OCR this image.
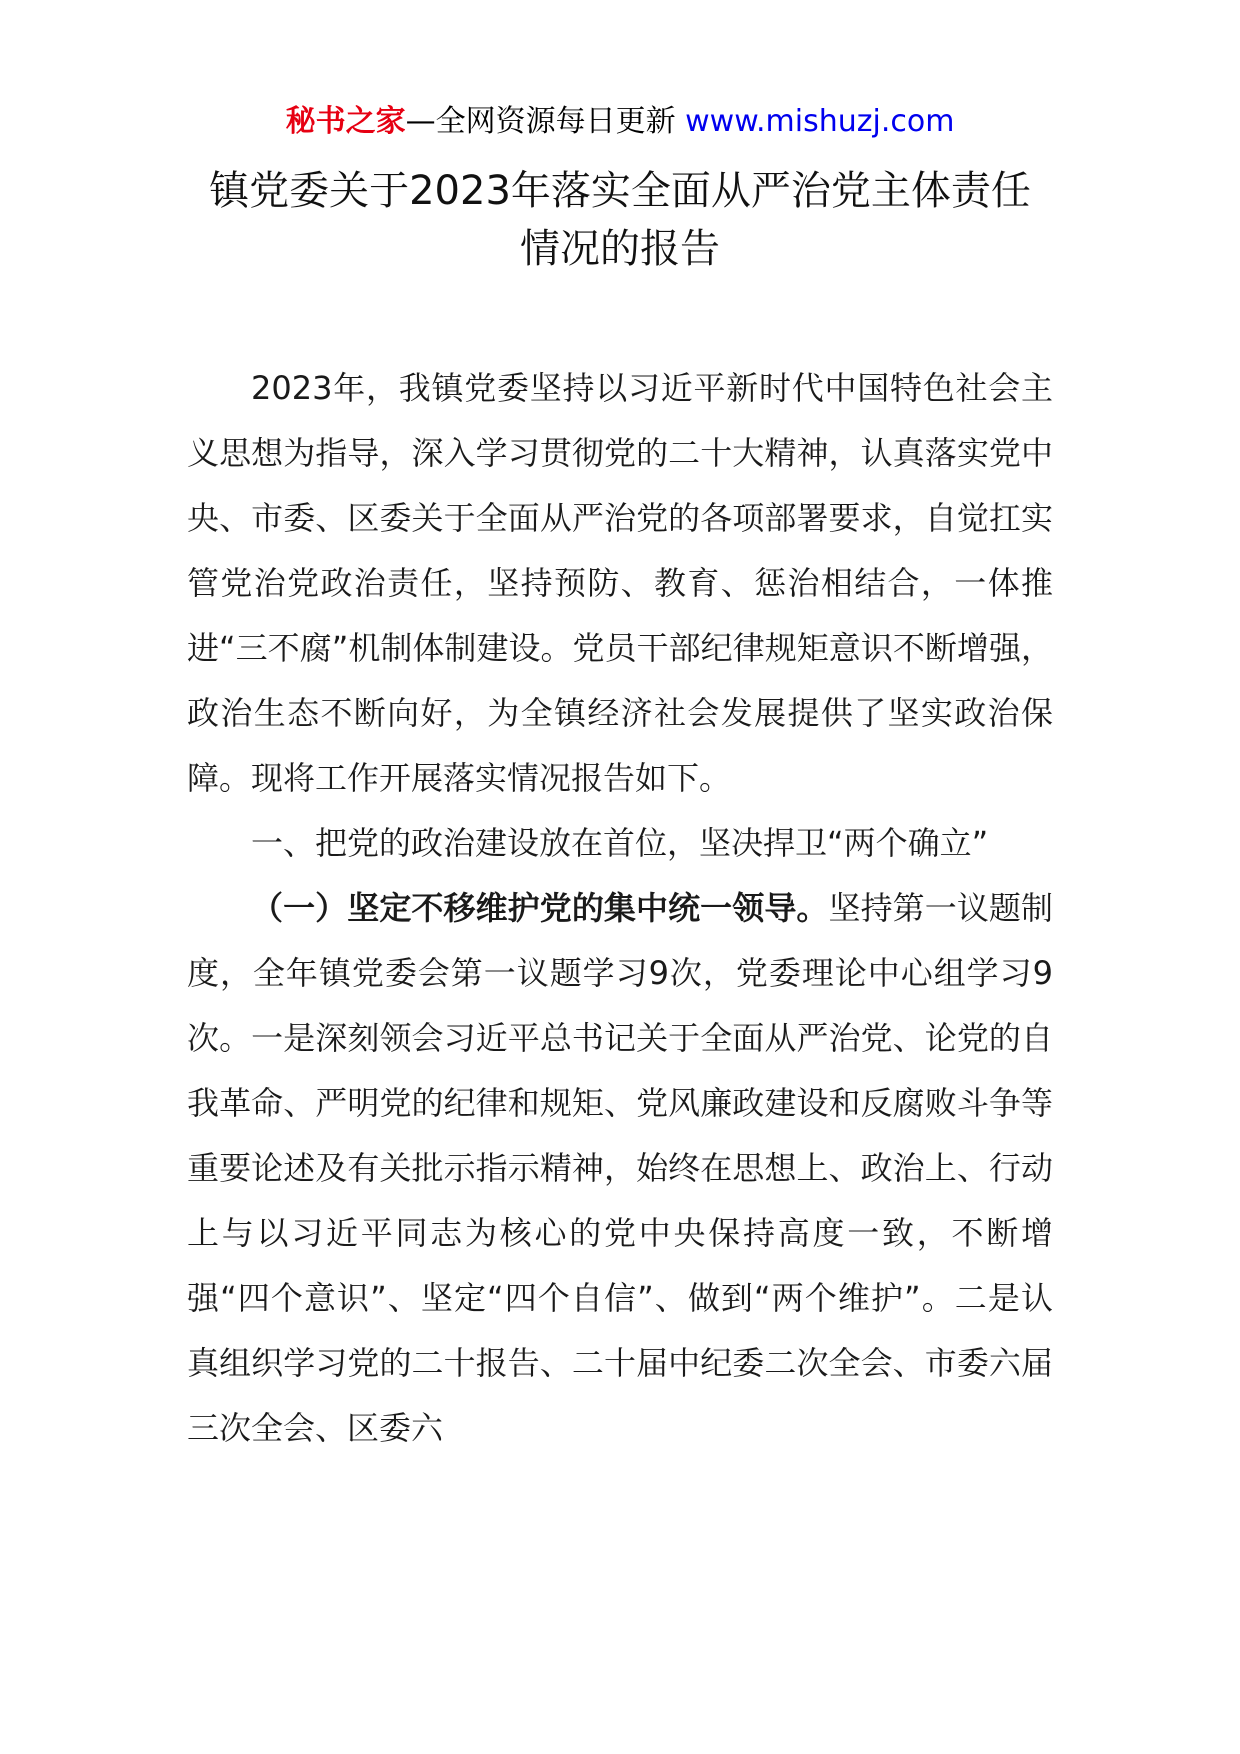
秘书之家—全网资源每日更新 www.mishuzj.com
镇党委关于2023年落实全面从严治党主体责任
情况的报告

2023年，我镇党委坚持以习近平新时代中国特色社会主义思想为指导，深入学习贯彻党的二十大精神，认真落实党中央、市委、区委关于全面从严治党的各项部署要求，自觉扛实管党治党政治责任，坚持预防、教育、惩治相结合，一体推进“三不腐”机制体制建设。党员干部纪律规矩意识不断增强，政治生态不断向好，为全镇经济社会发展提供了坚实政治保障。现将工作开展落实情况报告如下。

一、把党的政治建设放在首位，坚决捍卫“两个确立”

（一）坚定不移维护党的集中统一领导。坚持第一议题制度，全年镇党委会第一议题学习9次，党委理论中心组学习9次。一是深刻领会习近平总书记关于全面从严治党、论党的自我革命、严明党的纪律和规矩、党风廉政建设和反腐败斗争等重要论述及有关批示指示精神，始终在思想上、政治上、行动上与以习近平同志为核心的党中央保持高度一致，不断增强“四个意识”、坚定“四个自信”、做到“两个维护”。二是认真组织学习党的二十报告、二十届中纪委二次全会、市委六届三次全会、区委六
